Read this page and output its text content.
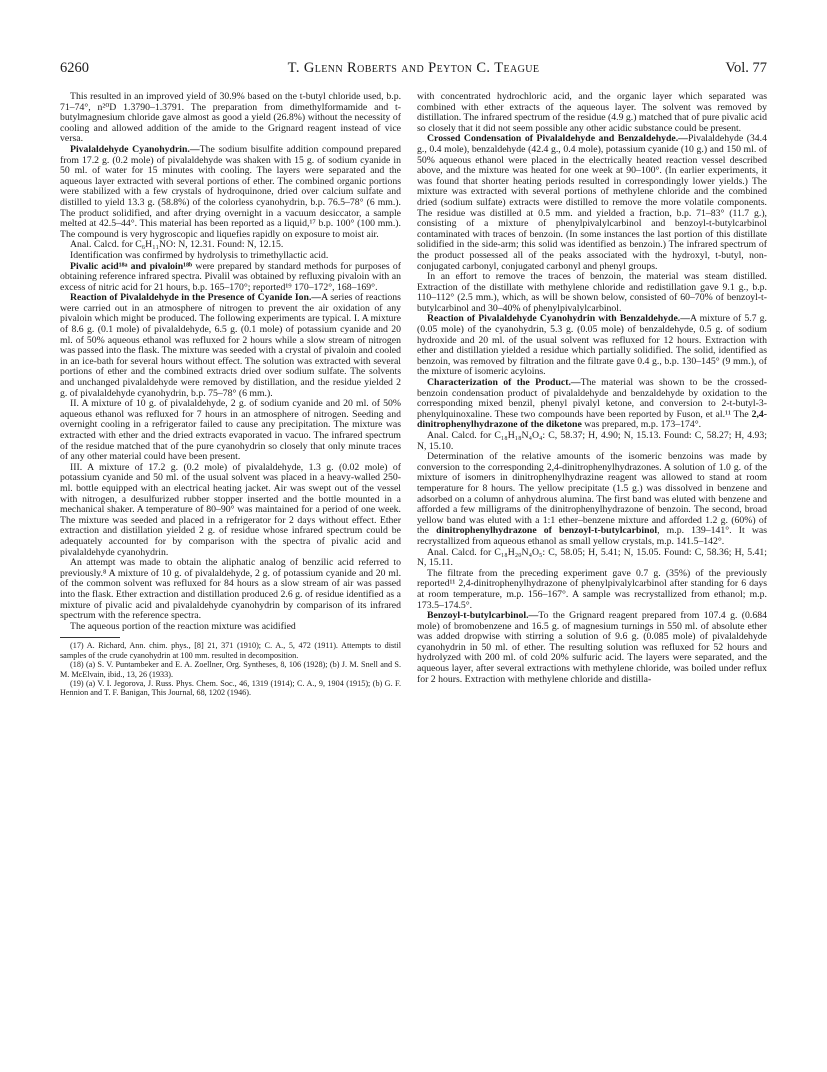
6260	T. Glenn Roberts and Peyton C. Teague	Vol. 77

This resulted in an improved yield of 30.9% based on the t-butyl chloride used, b.p. 71–74°, n²⁰D 1.3790–1.3791. The preparation from dimethylformamide and t-butylmagnesium chloride gave almost as good a yield (26.8%) without the necessity of cooling and allowed addition of the amide to the Grignard reagent instead of vice versa.

Pivalaldehyde Cyanohydrin.—The sodium bisulfite addition compound prepared from 17.2 g. (0.2 mole) of pivalaldehyde was shaken with 15 g. of sodium cyanide in 50 ml. of water for 15 minutes with cooling. The layers were separated and the aqueous layer extracted with several portions of ether. The combined organic portions were stabilized with a few crystals of hydroquinone, dried over calcium sulfate and distilled to yield 13.3 g. (58.8%) of the colorless cyanohydrin, b.p. 76.5–78° (6 mm.). The product solidified, and after drying overnight in a vacuum desiccator, a sample melted at 42.5–44°. This material has been reported as a liquid,¹⁷ b.p. 100° (100 mm.). The compound is very hygroscopic and liquefies rapidly on exposure to moist air.

Anal. Calcd. for C₆H₁₁NO: N, 12.31. Found: N, 12.15.

Identification was confirmed by hydrolysis to trimethyllactic acid.

Pivalic acid¹⁸ᵃ and pivaloin¹⁸ᵇ were prepared by standard methods for purposes of obtaining reference infrared spectra. Pivalil was obtained by refluxing pivaloin with an excess of nitric acid for 21 hours, b.p. 165–170°; reported¹⁹ 170–172°, 168–169°.

Reaction of Pivalaldehyde in the Presence of Cyanide Ion.—A series of reactions were carried out in an atmosphere of nitrogen to prevent the air oxidation of any pivaloin which might be produced. The following experiments are typical. I. A mixture of 8.6 g. (0.1 mole) of pivalaldehyde, 6.5 g. (0.1 mole) of potassium cyanide and 20 ml. of 50% aqueous ethanol was refluxed for 2 hours while a slow stream of nitrogen was passed into the flask. The mixture was seeded with a crystal of pivaloin and cooled in an ice-bath for several hours without effect. The solution was extracted with several portions of ether and the combined extracts dried over sodium sulfate. The solvents and unchanged pivalaldehyde were removed by distillation, and the residue yielded 2 g. of pivalaldehyde cyanohydrin, b.p. 75–78° (6 mm.).

II. A mixture of 10 g. of pivalaldehyde, 2 g. of sodium cyanide and 20 ml. of 50% aqueous ethanol was refluxed for 7 hours in an atmosphere of nitrogen. Seeding and overnight cooling in a refrigerator failed to cause any precipitation. The mixture was extracted with ether and the dried extracts evaporated in vacuo. The infrared spectrum of the residue matched that of the pure cyanohydrin so closely that only minute traces of any other material could have been present.

III. A mixture of 17.2 g. (0.2 mole) of pivalaldehyde, 1.3 g. (0.02 mole) of potassium cyanide and 50 ml. of the usual solvent was placed in a heavy-walled 250-ml. bottle equipped with an electrical heating jacket. Air was swept out of the vessel with nitrogen, a desulfurized rubber stopper inserted and the bottle mounted in a mechanical shaker. A temperature of 80–90° was maintained for a period of one week. The mixture was seeded and placed in a refrigerator for 2 days without effect. Ether extraction and distillation yielded 2 g. of residue whose infrared spectrum could be adequately accounted for by comparison with the spectra of pivalic acid and pivalaldehyde cyanohydrin.

An attempt was made to obtain the aliphatic analog of benzilic acid referred to previously.⁸ A mixture of 10 g. of pivalaldehyde, 2 g. of potassium cyanide and 20 ml. of the common solvent was refluxed for 84 hours as a slow stream of air was passed into the flask. Ether extraction and distillation produced 2.6 g. of residue identified as a mixture of pivalic acid and pivalaldehyde cyanohydrin by comparison of its infrared spectrum with the reference spectra.

The aqueous portion of the reaction mixture was acidified

(17) A. Richard, Ann. chim. phys., [8] 21, 371 (1910); C. A., 5, 472 (1911). Attempts to distil samples of the crude cyanohydrin at 100 mm. resulted in decomposition.

(18) (a) S. V. Puntambeker and E. A. Zoellner, Org. Syntheses, 8, 106 (1928); (b) J. M. Snell and S. M. McElvain, ibid., 13, 26 (1933).

(19) (a) V. I. Jegorova, J. Russ. Phys. Chem. Soc., 46, 1319 (1914); C. A., 9, 1904 (1915); (b) G. F. Hennion and T. F. Banigan, This Journal, 68, 1202 (1946).

with concentrated hydrochloric acid, and the organic layer which separated was combined with ether extracts of the aqueous layer. The solvent was removed by distillation. The infrared spectrum of the residue (4.9 g.) matched that of pure pivalic acid so closely that it did not seem possible any other acidic substance could be present.

Crossed Condensation of Pivalaldehyde and Benzaldehyde.—Pivalaldehyde (34.4 g., 0.4 mole), benzaldehyde (42.4 g., 0.4 mole), potassium cyanide (10 g.) and 150 ml. of 50% aqueous ethanol were placed in the electrically heated reaction vessel described above, and the mixture was heated for one week at 90–100°. (In earlier experiments, it was found that shorter heating periods resulted in correspondingly lower yields.) The mixture was extracted with several portions of methylene chloride and the combined dried (sodium sulfate) extracts were distilled to remove the more volatile components. The residue was distilled at 0.5 mm. and yielded a fraction, b.p. 71–83° (11.7 g.), consisting of a mixture of phenylpivalylcarbinol and benzoyl-t-butylcarbinol contaminated with traces of benzoin. (In some instances the last portion of this distillate solidified in the side-arm; this solid was identified as benzoin.) The infrared spectrum of the product possessed all of the peaks associated with the hydroxyl, t-butyl, non-conjugated carbonyl, conjugated carbonyl and phenyl groups.

In an effort to remove the traces of benzoin, the material was steam distilled. Extraction of the distillate with methylene chloride and redistillation gave 9.1 g., b.p. 110–112° (2.5 mm.), which, as will be shown below, consisted of 60–70% of benzoyl-t-butylcarbinol and 30–40% of phenylpivalylcarbinol.

Reaction of Pivalaldehyde Cyanohydrin with Benzaldehyde.—A mixture of 5.7 g. (0.05 mole) of the cyanohydrin, 5.3 g. (0.05 mole) of benzaldehyde, 0.5 g. of sodium hydroxide and 20 ml. of the usual solvent was refluxed for 12 hours. Extraction with ether and distillation yielded a residue which partially solidified. The solid, identified as benzoin, was removed by filtration and the filtrate gave 0.4 g., b.p. 130–145° (9 mm.), of the mixture of isomeric acyloins.

Characterization of the Product.—The material was shown to be the crossed-benzoin condensation product of pivalaldehyde and benzaldehyde by oxidation to the corresponding mixed benzil, phenyl pivalyl ketone, and conversion to 2-t-butyl-3-phenylquinoxaline. These two compounds have been reported by Fuson, et al.¹¹ The 2,4-dinitrophenylhydrazone of the diketone was prepared, m.p. 173–174°.

Anal. Calcd. for C₁₈H₁₈N₄O₄: C, 58.37; H, 4.90; N, 15.13. Found: C, 58.27; H, 4.93; N, 15.10.

Determination of the relative amounts of the isomeric benzoins was made by conversion to the corresponding 2,4-dinitrophenylhydrazones. A solution of 1.0 g. of the mixture of isomers in dinitrophenylhydrazine reagent was allowed to stand at room temperature for 8 hours. The yellow precipitate (1.5 g.) was dissolved in benzene and adsorbed on a column of anhydrous alumina. The first band was eluted with benzene and afforded a few milligrams of the dinitrophenylhydrazone of benzoin. The second, broad yellow band was eluted with a 1:1 ether–benzene mixture and afforded 1.2 g. (60%) of the dinitrophenylhydrazone of benzoyl-t-butylcarbinol, m.p. 139–141°. It was recrystallized from aqueous ethanol as small yellow crystals, m.p. 141.5–142°.

Anal. Calcd. for C₁₈H₂₀N₄O₅: C, 58.05; H, 5.41; N, 15.05. Found: C, 58.36; H, 5.41; N, 15.11.

The filtrate from the preceding experiment gave 0.7 g. (35%) of the previously reported¹¹ 2,4-dinitrophenylhydrazone of phenylpivalylcarbinol after standing for 6 days at room temperature, m.p. 156–167°. A sample was recrystallized from ethanol; m.p. 173.5–174.5°.

Benzoyl-t-butylcarbinol.—To the Grignard reagent prepared from 107.4 g. (0.684 mole) of bromobenzene and 16.5 g. of magnesium turnings in 550 ml. of absolute ether was added dropwise with stirring a solution of 9.6 g. (0.085 mole) of pivalaldehyde cyanohydrin in 50 ml. of ether. The resulting solution was refluxed for 52 hours and hydrolyzed with 200 ml. of cold 20% sulfuric acid. The layers were separated, and the aqueous layer, after several extractions with methylene chloride, was boiled under reflux for 2 hours. Extraction with methylene chloride and distilla-
